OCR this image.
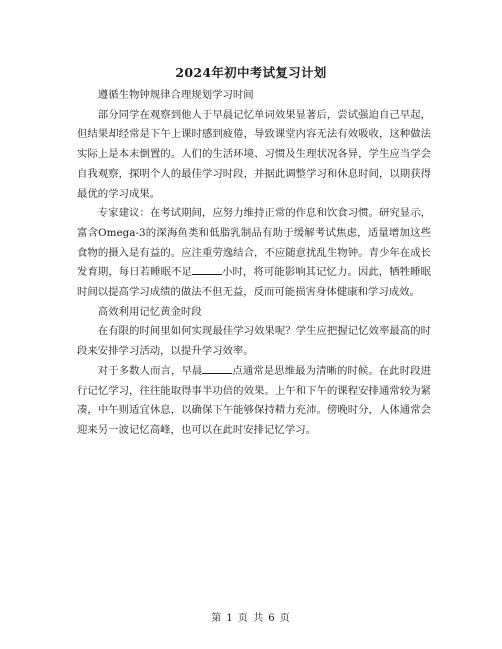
2024年初中考试复习计划

遵循生物钟规律合理规划学习时间

部分同学在观察到他人于早晨记忆单词效果显著后，尝试强迫自己早起，但结果却经常是下午上课时感到疲倦，导致课堂内容无法有效吸收，这种做法实际上是本末倒置的。人们的生活环境、习惯及生理状况各异，学生应当学会自我观察，探明个人的最佳学习时段，并据此调整学习和休息时间，以期获得最优的学习成果。

专家建议：在考试期间，应努力维持正常的作息和饮食习惯。研究显示，富含Omega-3的深海鱼类和低脂乳制品有助于缓解考试焦虑，适量增加这些食物的摄入是有益的。应注重劳逸结合，不应随意扰乱生物钟。青少年在成长发育期，每日若睡眠不足	小时，将可能影响其记忆力。因此，牺牲睡眠时间以提高学习成绩的做法不但无益，反而可能损害身体健康和学习成效。

高效利用记忆黄金时段

在有限的时间里如何实现最佳学习效果呢？学生应把握记忆效率最高的时段来安排学习活动，以提升学习效率。

对于多数人而言，早晨	点通常是思维最为清晰的时候。在此时段进行记忆学习，往往能取得事半功倍的效果。上午和下午的课程安排通常较为紧凑，中午则适宜休息，以确保下午能够保持精力充沛。傍晚时分，人体通常会迎来另一波记忆高峰，也可以在此时安排记忆学习。

第 1 页 共 6 页
